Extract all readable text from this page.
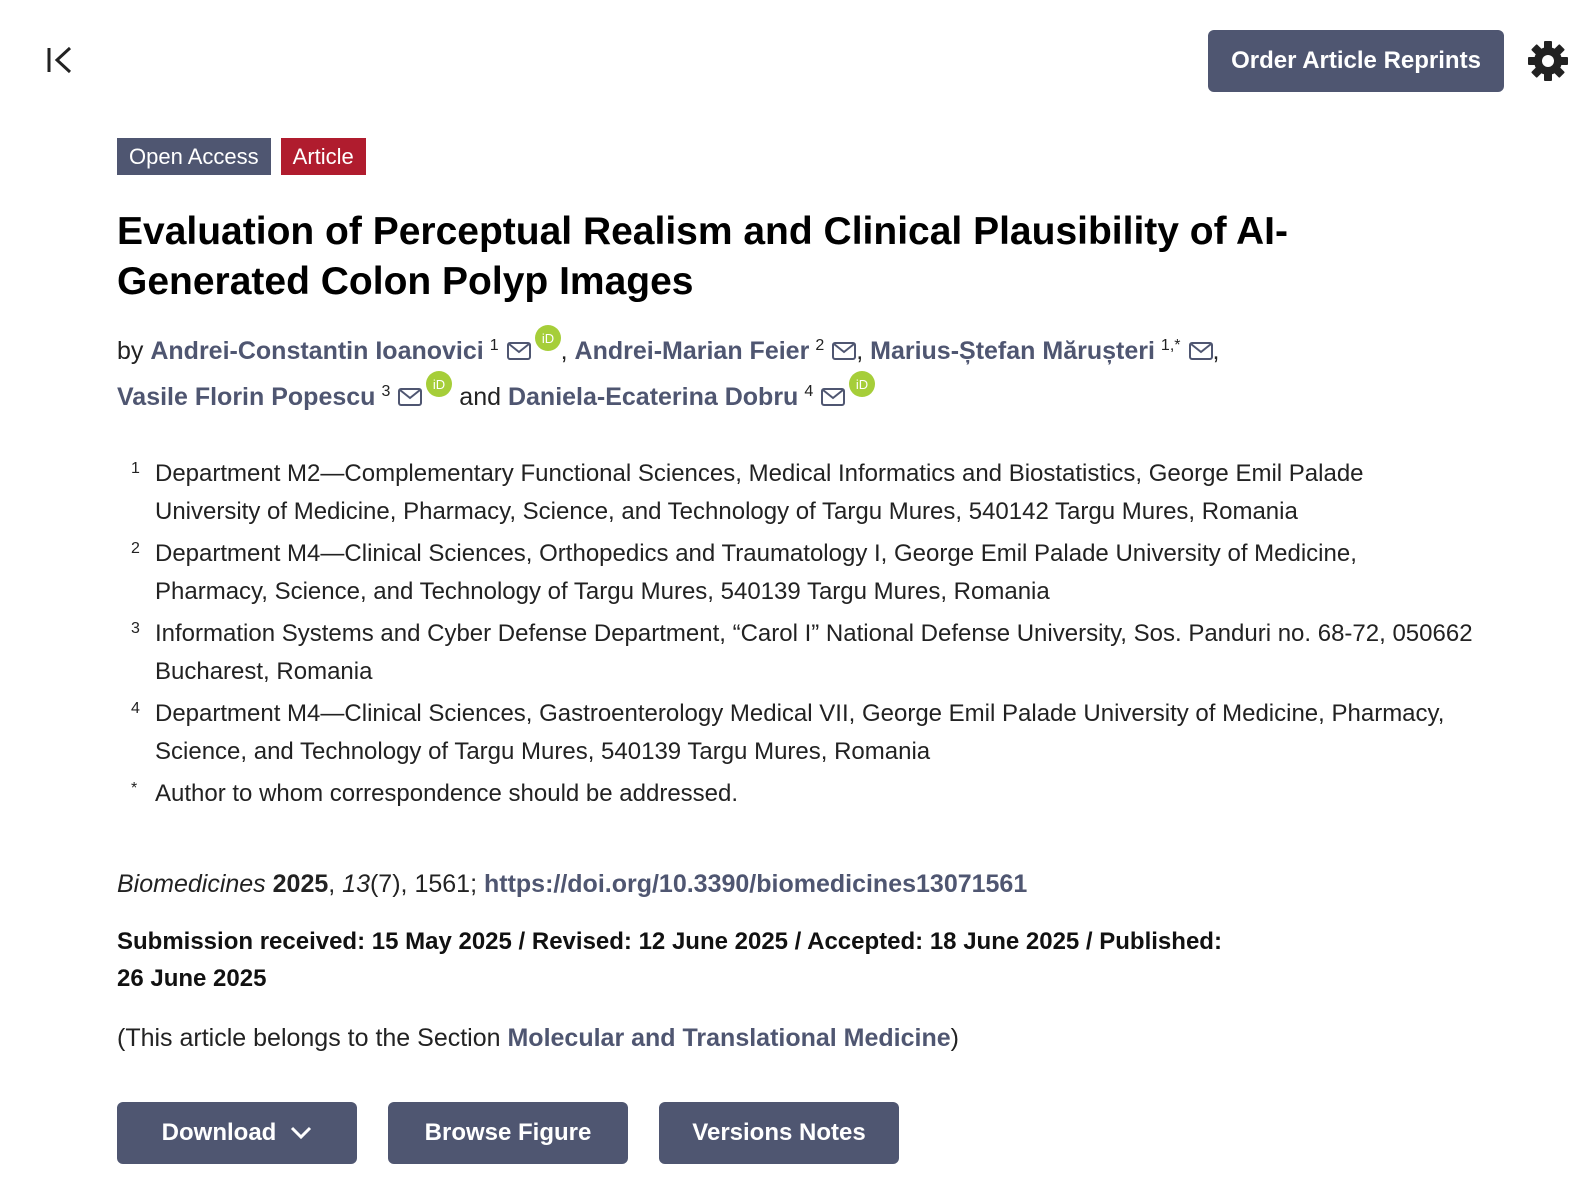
Order Article Reprints
Open Access	Article
Evaluation of Perceptual Realism and Clinical Plausibility of AI-Generated Colon Polyp Images
by Andrei-Constantin Ioanovici $^1$	iD , Andrei-Marian Feier $^2$ , Marius-Ștefan Mărușteri $^{1,*}$ ,
Vasile Florin Popescu $^3$	iD and Daniela-Ecaterina Dobru $^4$	iD
1 Department M2—Complementary Functional Sciences, Medical Informatics and Biostatistics, George Emil Palade University of Medicine, Pharmacy, Science, and Technology of Targu Mures, 540142 Targu Mures, Romania
2 Department M4—Clinical Sciences, Orthopedics and Traumatology I, George Emil Palade University of Medicine, Pharmacy, Science, and Technology of Targu Mures, 540139 Targu Mures, Romania
3 Information Systems and Cyber Defense Department, “Carol I” National Defense University, Sos. Panduri no. 68-72, 050662 Bucharest, Romania
4 Department M4—Clinical Sciences, Gastroenterology Medical VII, George Emil Palade University of Medicine, Pharmacy, Science, and Technology of Targu Mures, 540139 Targu Mures, Romania
* Author to whom correspondence should be addressed.
Biomedicines 2025, 13(7), 1561; https://doi.org/10.3390/biomedicines13071561
Submission received: 15 May 2025 / Revised: 12 June 2025 / Accepted: 18 June 2025 / Published: 26 June 2025
(This article belongs to the Section Molecular and Translational Medicine)
Download	Browse Figure	Versions Notes
